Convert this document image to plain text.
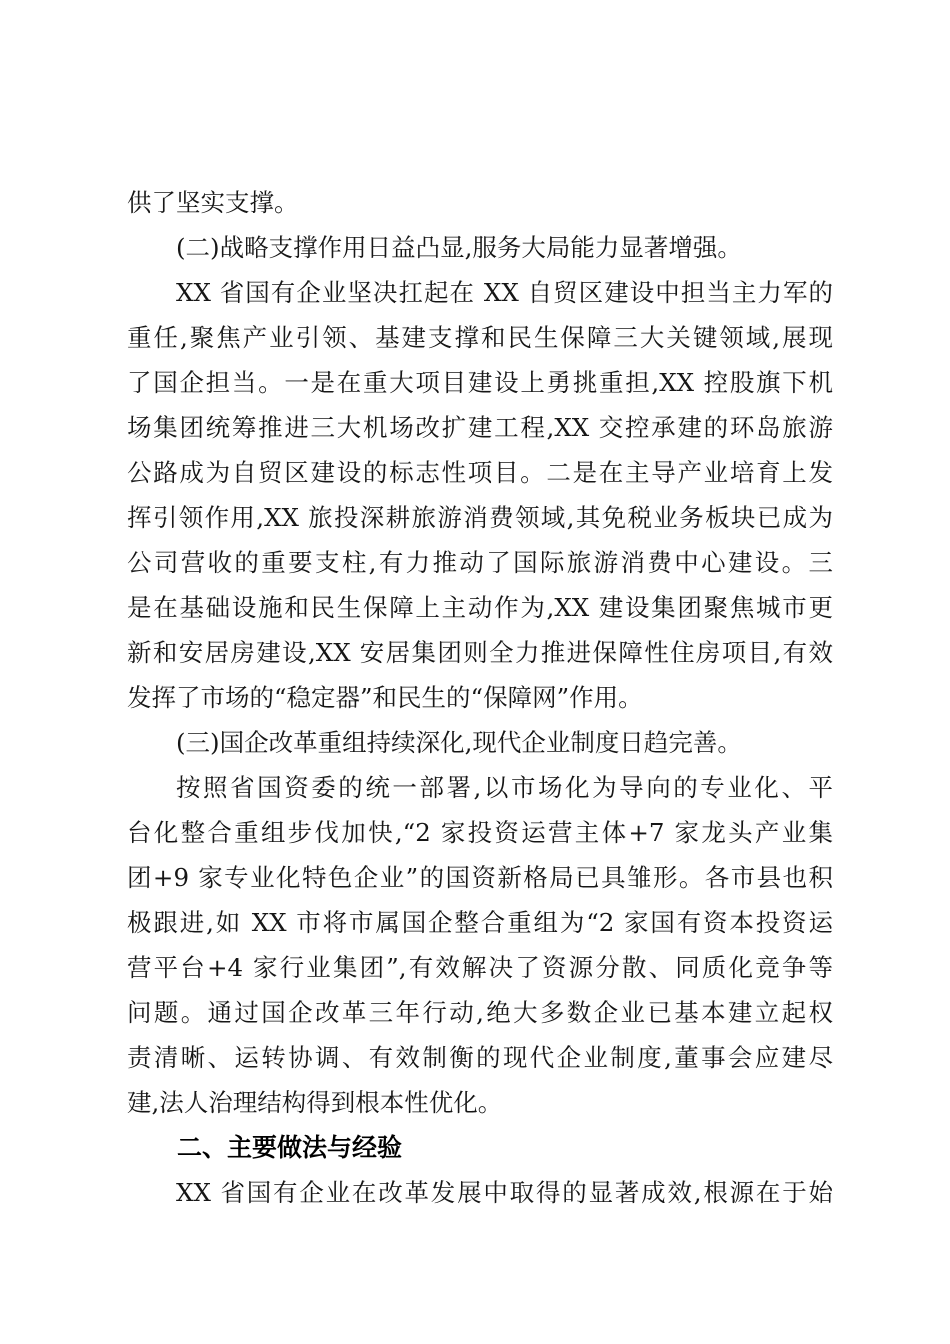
供了坚实支撑。
(二)战略支撑作用日益凸显,服务大局能力显著增强。
XX 省国有企业坚决扛起在 XX 自贸区建设中担当主力军的
重任,聚焦产业引领、基建支撑和民生保障三大关键领域,展现
了国企担当。一是在重大项目建设上勇挑重担,XX 控股旗下机
场集团统筹推进三大机场改扩建工程,XX 交控承建的环岛旅游
公路成为自贸区建设的标志性项目。二是在主导产业培育上发
挥引领作用,XX 旅投深耕旅游消费领域,其免税业务板块已成为
公司营收的重要支柱,有力推动了国际旅游消费中心建设。三
是在基础设施和民生保障上主动作为,XX 建设集团聚焦城市更
新和安居房建设,XX 安居集团则全力推进保障性住房项目,有效
发挥了市场的“稳定器”和民生的“保障网”作用。
(三)国企改革重组持续深化,现代企业制度日趋完善。
按照省国资委的统一部署,以市场化为导向的专业化、平
台化整合重组步伐加快,“2 家投资运营主体+7 家龙头产业集
团+9 家专业化特色企业”的国资新格局已具雏形。各市县也积
极跟进,如 XX 市将市属国企整合重组为“2 家国有资本投资运
营平台+4 家行业集团”,有效解决了资源分散、同质化竞争等
问题。通过国企改革三年行动,绝大多数企业已基本建立起权
责清晰、运转协调、有效制衡的现代企业制度,董事会应建尽
建,法人治理结构得到根本性优化。
二、主要做法与经验
XX 省国有企业在改革发展中取得的显著成效,根源在于始
